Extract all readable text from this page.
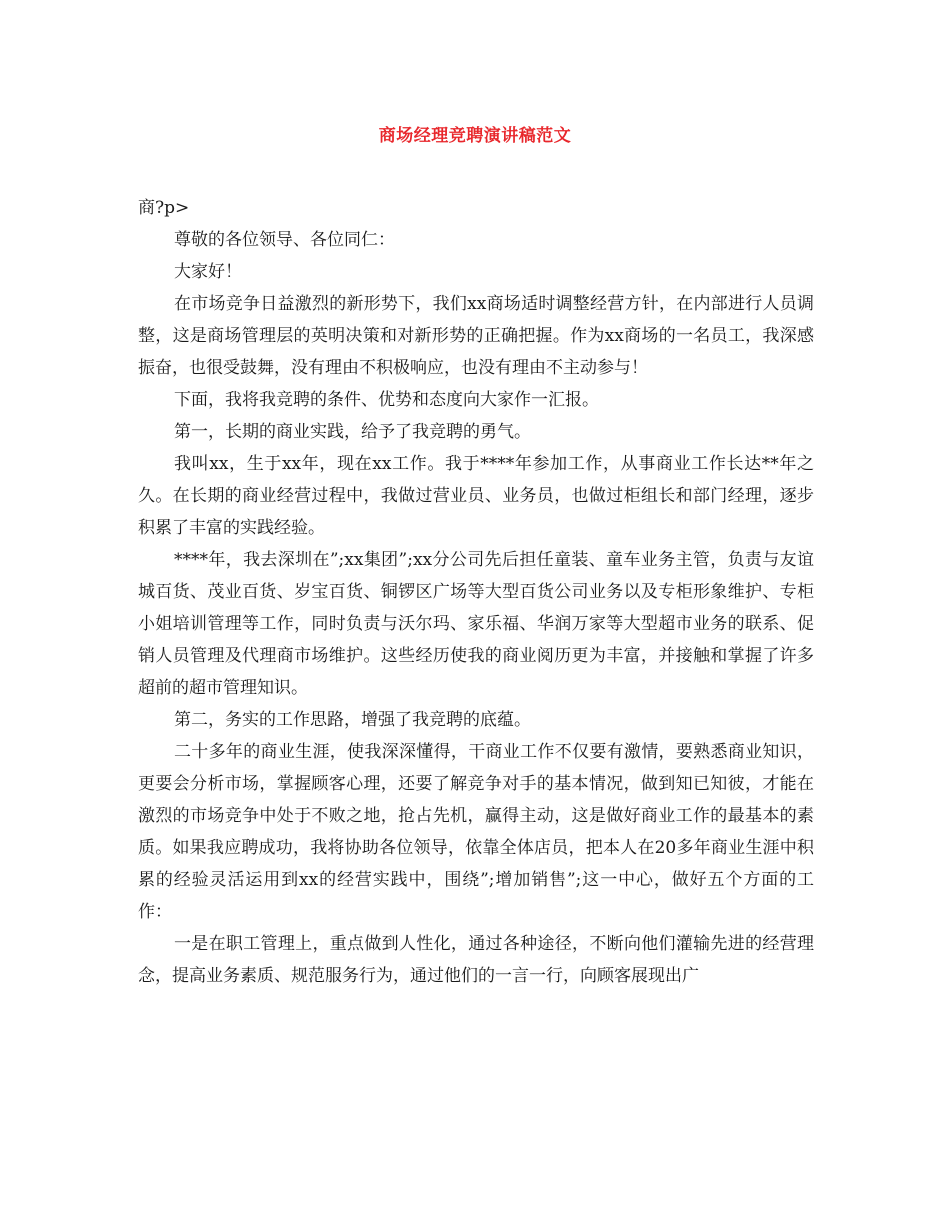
商场经理竞聘演讲稿范文

商?p>

尊敬的各位领导、各位同仁：

大家好！

在市场竞争日益激烈的新形势下，我们xx商场适时调整经营方针，在内部进行人员调整，这是商场管理层的英明决策和对新形势的正确把握。作为xx商场的一名员工，我深感振奋，也很受鼓舞，没有理由不积极响应，也没有理由不主动参与！

下面，我将我竞聘的条件、优势和态度向大家作一汇报。

第一，长期的商业实践，给予了我竞聘的勇气。

我叫xx，生于xx年，现在xx工作。我于****年参加工作，从事商业工作长达**年之久。在长期的商业经营过程中，我做过营业员、业务员，也做过柜组长和部门经理，逐步积累了丰富的实践经验。

****年，我去深圳在”;xx集团”;xx分公司先后担任童装、童车业务主管，负责与友谊城百货、茂业百货、岁宝百货、铜锣区广场等大型百货公司业务以及专柜形象维护、专柜小姐培训管理等工作，同时负责与沃尔玛、家乐福、华润万家等大型超市业务的联系、促销人员管理及代理商市场维护。这些经历使我的商业阅历更为丰富，并接触和掌握了许多超前的超市管理知识。

第二，务实的工作思路，增强了我竞聘的底蕴。

二十多年的商业生涯，使我深深懂得，干商业工作不仅要有激情，要熟悉商业知识，更要会分析市场，掌握顾客心理，还要了解竞争对手的基本情况，做到知已知彼，才能在激烈的市场竞争中处于不败之地，抢占先机，赢得主动，这是做好商业工作的最基本的素质。如果我应聘成功，我将协助各位领导，依靠全体店员，把本人在20多年商业生涯中积累的经验灵活运用到xx的经营实践中，围绕”;增加销售”;这一中心，做好五个方面的工作：

一是在职工管理上，重点做到人性化，通过各种途径，不断向他们灌输先进的经营理念，提高业务素质、规范服务行为，通过他们的一言一行，向顾客展现出广
